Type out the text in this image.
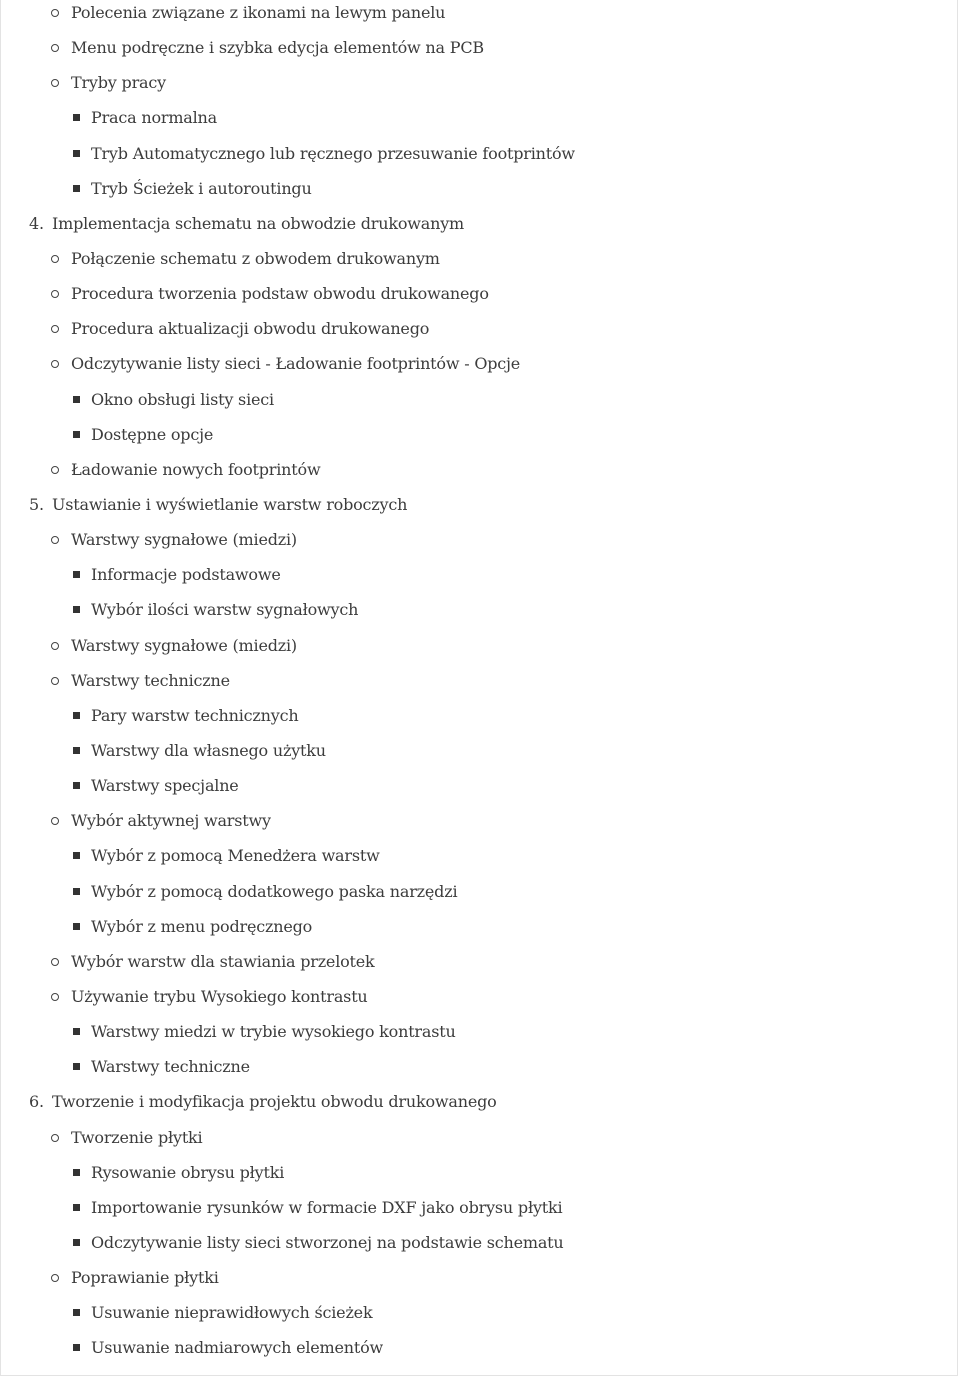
Polecenia związane z ikonami na lewym panelu
Menu podręczne i szybka edycja elementów na PCB
Tryby pracy
Praca normalna
Tryb Automatycznego lub ręcznego przesuwanie footprintów
Tryb Ścieżek i autoroutingu
4. Implementacja schematu na obwodzie drukowanym
Połączenie schematu z obwodem drukowanym
Procedura tworzenia podstaw obwodu drukowanego
Procedura aktualizacji obwodu drukowanego
Odczytywanie listy sieci - Ładowanie footprintów - Opcje
Okno obsługi listy sieci
Dostępne opcje
Ładowanie nowych footprintów
5. Ustawianie i wyświetlanie warstw roboczych
Warstwy sygnałowe (miedzi)
Informacje podstawowe
Wybór ilości warstw sygnałowych
Warstwy sygnałowe (miedzi)
Warstwy techniczne
Pary warstw technicznych
Warstwy dla własnego użytku
Warstwy specjalne
Wybór aktywnej warstwy
Wybór z pomocą Menedżera warstw
Wybór z pomocą dodatkowego paska narzędzi
Wybór z menu podręcznego
Wybór warstw dla stawiania przelotek
Używanie trybu Wysokiego kontrastu
Warstwy miedzi w trybie wysokiego kontrastu
Warstwy techniczne
6. Tworzenie i modyfikacja projektu obwodu drukowanego
Tworzenie płytki
Rysowanie obrysu płytki
Importowanie rysunków w formacie DXF jako obrysu płytki
Odczytywanie listy sieci stworzonej na podstawie schematu
Poprawianie płytki
Usuwanie nieprawidłowych ścieżek
Usuwanie nadmiarowych elementów
